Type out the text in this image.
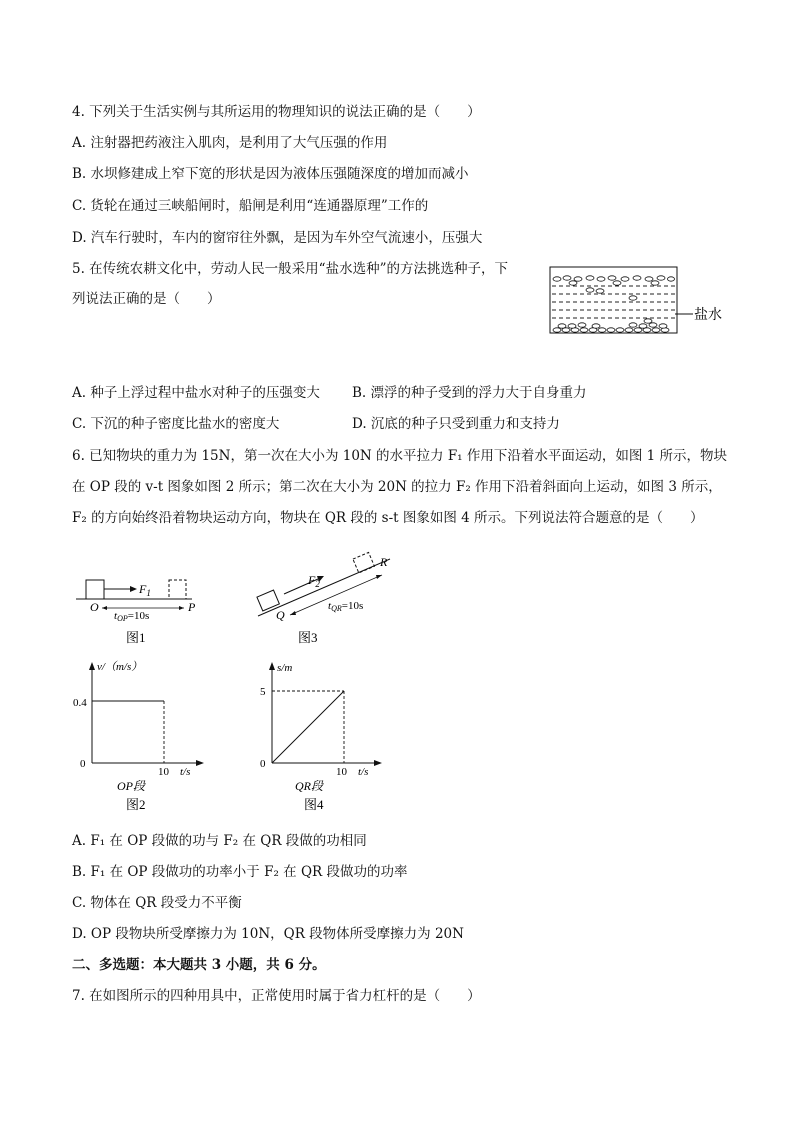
4. 下列关于生活实例与其所运用的物理知识的说法正确的是（　　）
A. 注射器把药液注入肌肉，是利用了大气压强的作用
B. 水坝修建成上窄下宽的形状是因为液体压强随深度的增加而减小
C. 货轮在通过三峡船闸时，船闸是利用“连通器原理”工作的
D. 汽车行驶时，车内的窗帘往外飘，是因为车外空气流速小，压强大
5. 在传统农耕文化中，劳动人民一般采用“盐水选种”的方法挑选种子，下
列说法正确的是（　　）
盐水
A. 种子上浮过程中盐水对种子的压强变大 B. 漂浮的种子受到的浮力大于自身重力
C. 下沉的种子密度比盐水的密度大	D. 沉底的种子只受到重力和支持力
6. 已知物块的重力为 15N，第一次在大小为 10N 的水平拉力 F₁ 作用下沿着水平面运动，如图 1 所示，物块
在 OP 段的 v-t 图象如图 2 所示；第二次在大小为 20N 的拉力 F₂ 作用下沿着斜面向上运动，如图 3 所示，
F₂ 的方向始终沿着物块运动方向，物块在 QR 段的 s-t 图象如图 4 所示。下列说法符合题意的是（　　）
$F_1$
O	P
tOP=10s
图1
$F_2$
Q
R
tQR=10s
图3
v/（m/s）
0.4
0
10 t/s
OP段
图2
s/m
5
0
10 t/s
QR段
图4
A. F₁ 在 OP 段做的功与 F₂ 在 QR 段做的功相同
B. F₁ 在 OP 段做功的功率小于 F₂ 在 QR 段做功的功率
C. 物体在 QR 段受力不平衡
D. OP 段物块所受摩擦力为 10N，QR 段物体所受摩擦力为 20N
二、多选题：本大题共 3 小题，共 6 分。
7. 在如图所示的四种用具中，正常使用时属于省力杠杆的是（　　）
